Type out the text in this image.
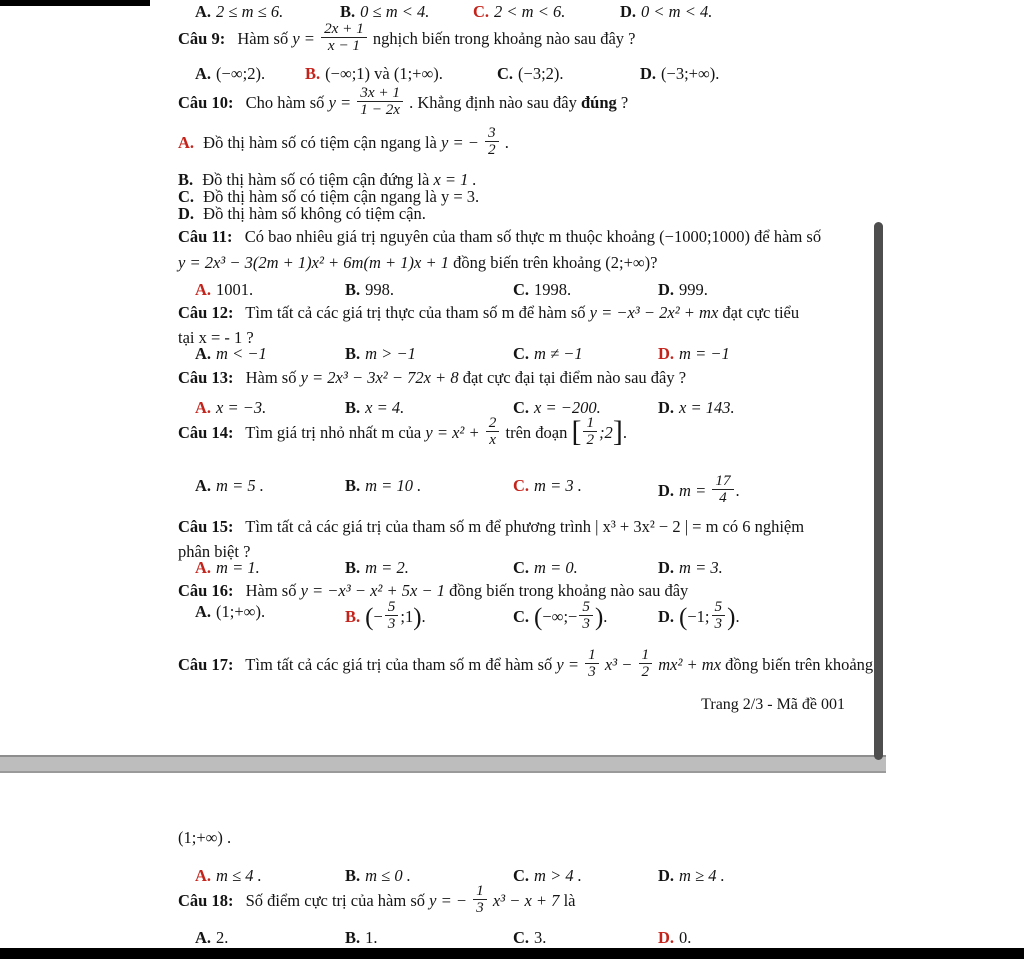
A. 2 ≤ m ≤ 6.	B. 0 ≤ m < 4.	C. 2 < m < 6.	D. 0 < m < 4.
Câu 9: Hàm số $y = \frac{2x + 1}{x - 1}$ nghịch biến trong khoảng nào sau đây ?
A. (−∞;2).	B. (−∞;1) và (1;+∞).	C. (−3;2).	D. (−3;+∞).
Câu 10: Cho hàm số $y = \frac{3x + 1}{1 - 2x}$ . Khẳng định nào sau đây đúng ?
A. Đồ thị hàm số có tiệm cận ngang là y = − $\frac{3}{2}$ .
B. Đồ thị hàm số có tiệm cận đứng là x = 1 .
C. Đồ thị hàm số có tiệm cận ngang là y = 3.
D. Đồ thị hàm số không có tiệm cận.
Câu 11: Có bao nhiêu giá trị nguyên của tham số thực m thuộc khoảng (−1000;1000) để hàm số
y = 2x³ − 3(2m + 1)x² + 6m(m + 1)x + 1 đồng biến trên khoảng (2;+∞)?
A. 1001.	B. 998.	C. 1998.	D. 999.
Câu 12: Tìm tất cả các giá trị thực của tham số m để hàm số y = −x³ − 2x² + mx đạt cực tiểu
tại x = - 1 ?
A. m < −1	B. m > −1	C. m ≠ −1	D. m = −1
Câu 13: Hàm số y = 2x³ − 3x² − 72x + 8 đạt cực đại tại điểm nào sau đây ?
A. x = −3.	B. x = 4.	C. x = −200.	D. x = 143.
Câu 14: Tìm giá trị nhỏ nhất m của $y = x^2 + \frac{2}{x}$ trên đoạn [ $\frac{1}{2}$ ;2].
A. m = 5 .	B. m = 10 .	C. m = 3 .	D. $m = \frac{17}{4}$ .
Câu 15: Tìm tất cả các giá trị của tham số m để phương trình | x³ + 3x² − 2 | = m có 6 nghiệm
phân biệt ?
A. m = 1.	B. m = 2.	C. m = 0.	D. m = 3.
Câu 16: Hàm số y = −x³ − x² + 5x − 1 đồng biến trong khoảng nào sau đây
A. (1;+∞).	B. (− $\frac{5}{3}$ ;1).	C. (−∞;− $\frac{5}{3}$ ).	D. (−1; $\frac{5}{3}$ ).
Câu 17: Tìm tất cả các giá trị của tham số m để hàm số $y = \frac{1}{3} x^3 - \frac{1}{2} mx^2$ + mx đồng biến trên khoảng
Trang 2/3 - Mã đề 001
(1;+∞) .
A. m ≤ 4 .	B. m ≤ 0 .	C. m > 4 .	D. m ≥ 4 .
Câu 18: Số điểm cực trị của hàm số y = − $\frac{1}{3} x^3 - x + 7$ là
A. 2.	B. 1.	C. 3.	D. 0.
